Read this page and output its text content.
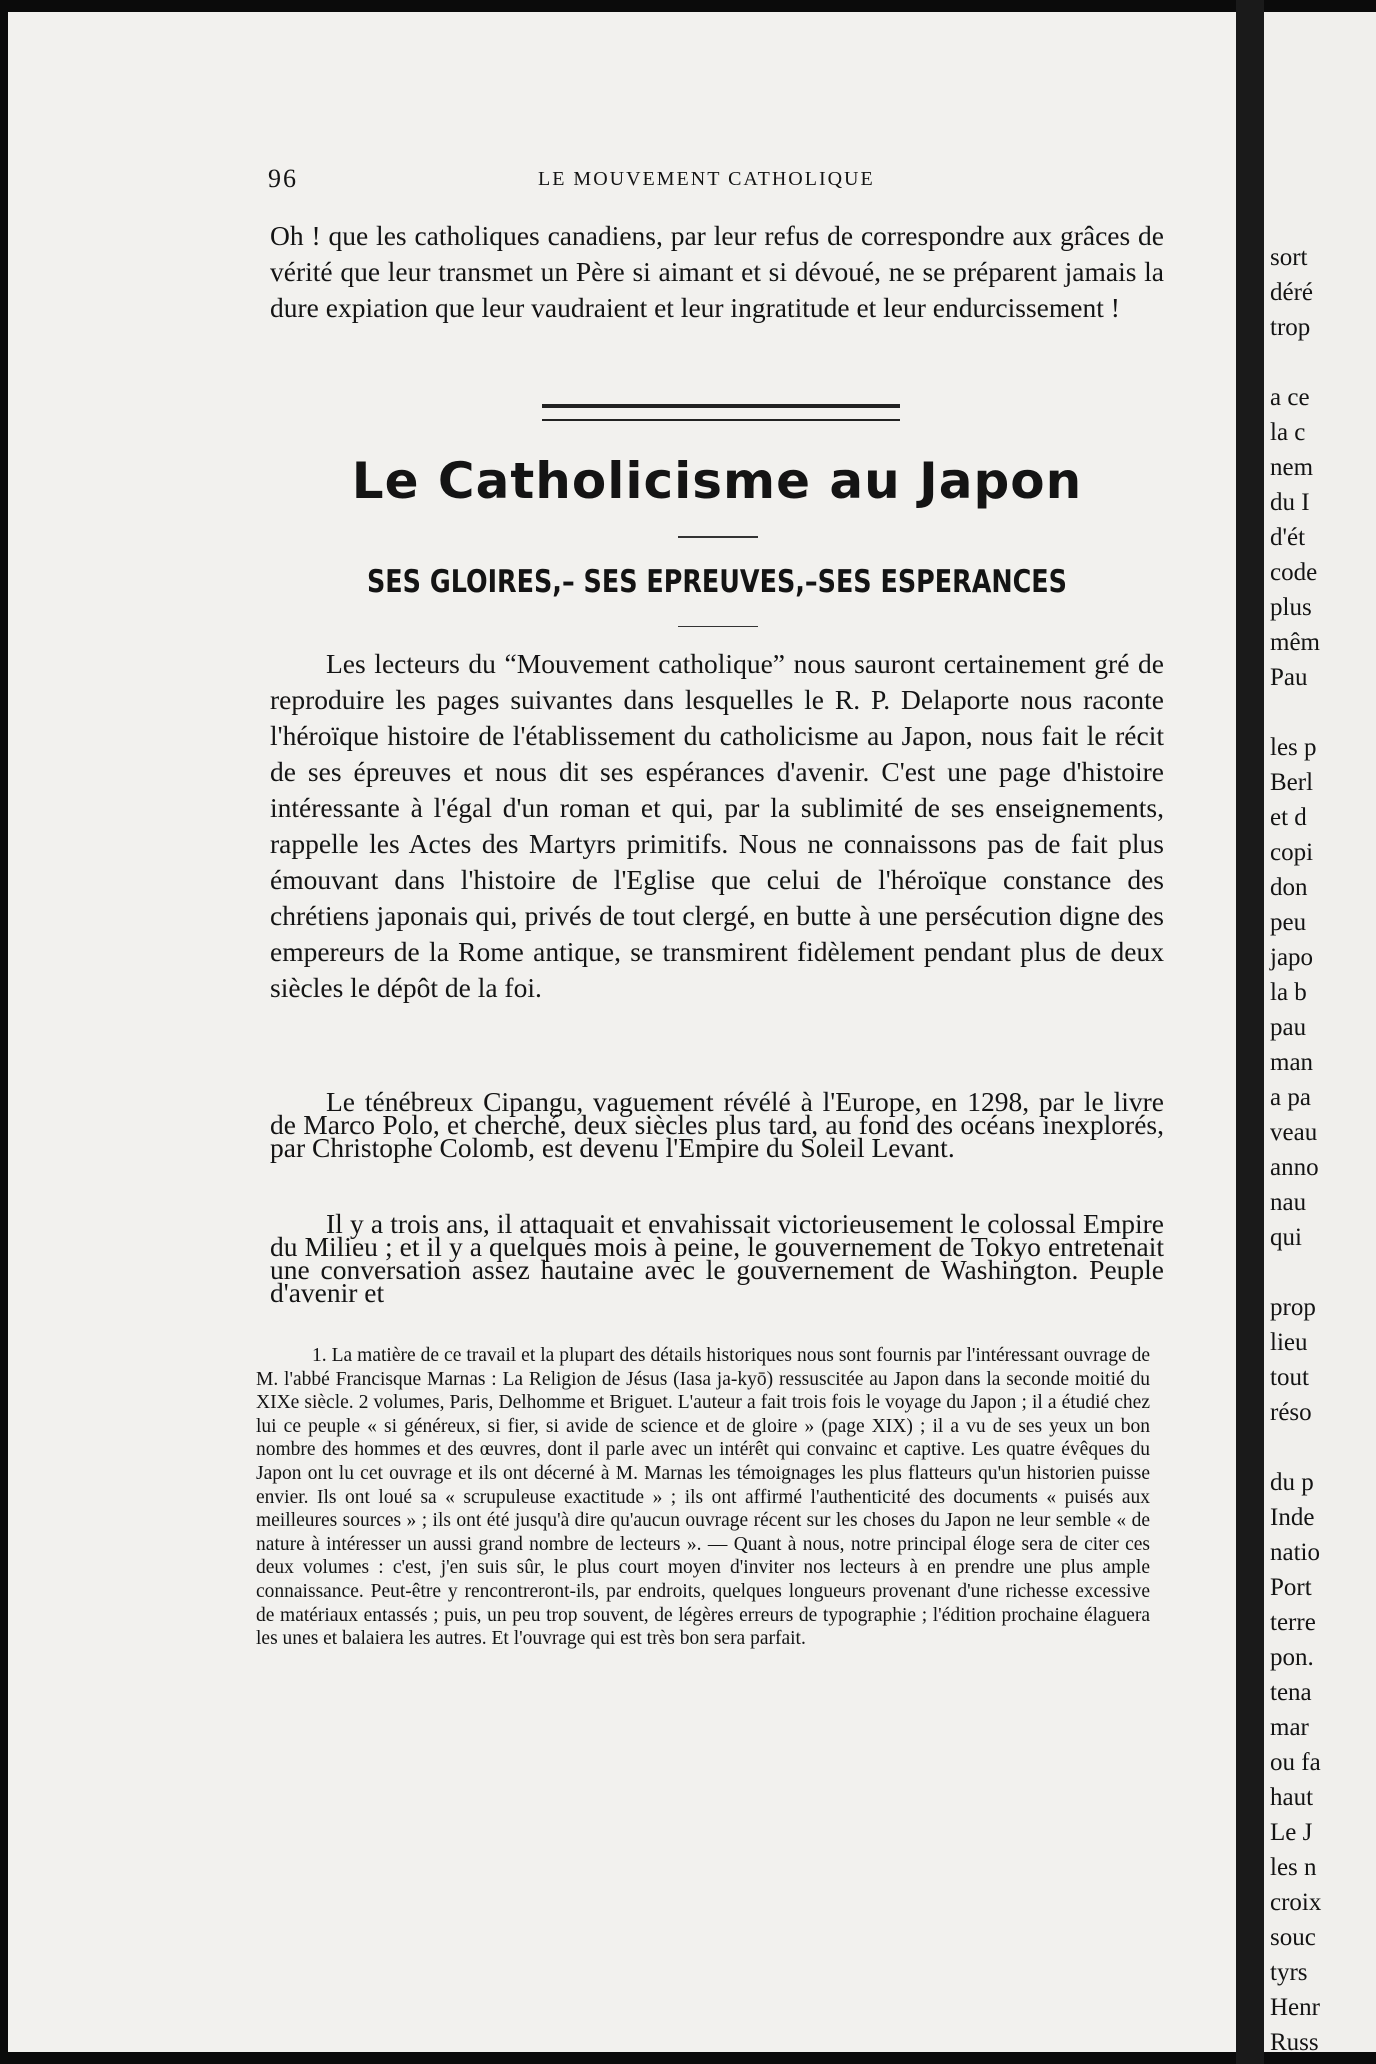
96	LE MOUVEMENT CATHOLIQUE
Oh ! que les catholiques canadiens, par leur refus de correspondre aux grâces de vérité que leur transmet un Père si aimant et si dévoué, ne se préparent jamais la dure expiation que leur vaudraient et leur ingratitude et leur endurcissement !
Le Catholicisme au Japon
SES GLOIRES,– SES EPREUVES,–SES ESPERANCES
Les lecteurs du “Mouvement catholique” nous sauront certainement gré de reproduire les pages suivantes dans lesquelles le R. P. Delaporte nous raconte l'héroïque histoire de l'établissement du catholicisme au Japon, nous fait le récit de ses épreuves et nous dit ses espérances d'avenir. C'est une page d'histoire intéressante à l'égal d'un roman et qui, par la sublimité de ses enseignements, rappelle les Actes des Martyrs primitifs. Nous ne connaissons pas de fait plus émouvant dans l'histoire de l'Eglise que celui de l'héroïque constance des chrétiens japonais qui, privés de tout clergé, en butte à une persécution digne des empereurs de la Rome antique, se transmirent fidèlement pendant plus de deux siècles le dépôt de la foi.
Le ténébreux Cipangu, vaguement révélé à l'Europe, en 1298, par le livre de Marco Polo, et cherché, deux siècles plus tard, au fond des océans inexplorés, par Christophe Colomb, est devenu l'Empire du Soleil Levant.
Il y a trois ans, il attaquait et envahissait victorieusement le colossal Empire du Milieu ; et il y a quelques mois à peine, le gouvernement de Tokyo entretenait une conversation assez hautaine avec le gouvernement de Washington. Peuple d'avenir et
1. La matière de ce travail et la plupart des détails historiques nous sont fournis par l'intéressant ouvrage de M. l'abbé Francisque Marnas : La Religion de Jésus (Iasa ja-kyō) ressuscitée au Japon dans la seconde moitié du XIXe siècle. 2 volumes, Paris, Delhomme et Briguet. L'auteur a fait trois fois le voyage du Japon ; il a étudié chez lui ce peuple « si généreux, si fier, si avide de science et de gloire » (page XIX) ; il a vu de ses yeux un bon nombre des hommes et des œuvres, dont il parle avec un intérêt qui convainc et captive. Les quatre évêques du Japon ont lu cet ouvrage et ils ont décerné à M. Marnas les témoignages les plus flatteurs qu'un historien puisse envier. Ils ont loué sa « scrupuleuse exactitude » ; ils ont affirmé l'authenticité des documents « puisés aux meilleures sources » ; ils ont été jusqu'à dire qu'aucun ouvrage récent sur les choses du Japon ne leur semble « de nature à intéresser un aussi grand nombre de lecteurs ». — Quant à nous, notre principal éloge sera de citer ces deux volumes : c'est, j'en suis sûr, le plus court moyen d'inviter nos lecteurs à en prendre une plus ample connaissance. Peut-être y rencontreront-ils, par endroits, quelques longueurs provenant d'une richesse excessive de matériaux entassés ; puis, un peu trop souvent, de légères erreurs de typographie ; l'édition prochaine élaguera les unes et balaiera les autres. Et l'ouvrage qui est très bon sera parfait.
sort
déré
trop
a ce
la c
nem
du I
d'ét
code
plus
mêm
Pau
les p
Berl
et d
copi
don
peu
japo
la b
pau
man
a pa
veau
anno
nau
qui
prop
lieu
tout
réso
du p
Inde
natio
Port
terre
pon.
tena
mar
ou fa
haut
Le J
les n
croix
souc
tyrs
Henr
Russ
